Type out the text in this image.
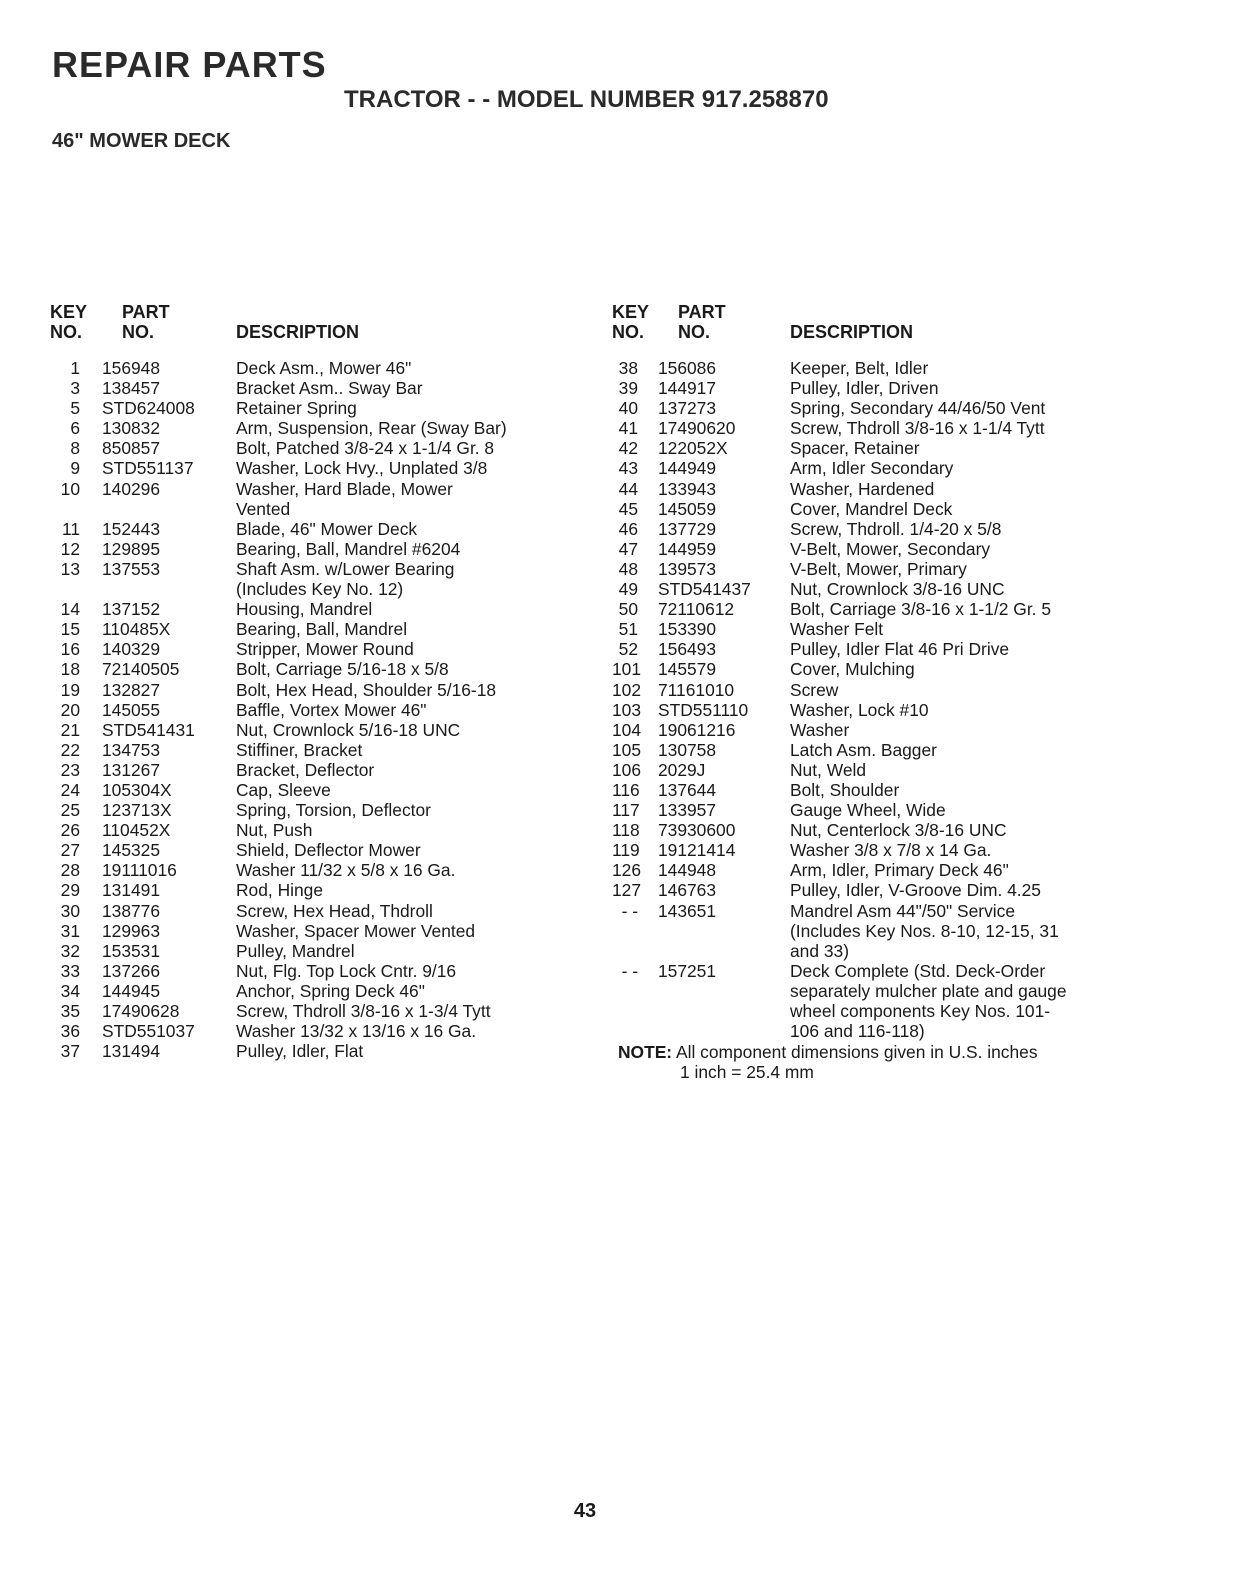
REPAIR PARTS
TRACTOR - - MODEL NUMBER 917.258870
46" MOWER DECK
KEY
NO.
PART
NO.	DESCRIPTION
1 156948	Deck Asm., Mower 46"
3 138457	Bracket Asm.. Sway Bar
5 STD624008 Retainer Spring
6 130832	Arm, Suspension, Rear (Sway Bar)
8 850857	Bolt, Patched 3/8-24 x 1-1/4 Gr. 8
9 STD551137 Washer, Lock Hvy., Unplated 3/8
10 140296	Washer, Hard Blade, Mower
Vented
11 152443	Blade, 46" Mower Deck
12 129895	Bearing, Ball, Mandrel #6204
13 137553	Shaft Asm. w/Lower Bearing
(Includes Key No. 12)
14 137152	Housing, Mandrel
15 110485X	Bearing, Ball, Mandrel
16 140329	Stripper, Mower Round
18 72140505	Bolt, Carriage 5/16-18 x 5/8
19 132827	Bolt, Hex Head, Shoulder 5/16-18
20 145055	Baffle, Vortex Mower 46"
21 STD541431 Nut, Crownlock 5/16-18 UNC
22 134753	Stiffiner, Bracket
23 131267	Bracket, Deflector
24 105304X	Cap, Sleeve
25 123713X	Spring, Torsion, Deflector
26 110452X	Nut, Push
27 145325	Shield, Deflector Mower
28 19111016	Washer 11/32 x 5/8 x 16 Ga.
29 131491	Rod, Hinge
30 138776	Screw, Hex Head, Thdroll
31 129963	Washer, Spacer Mower Vented
32 153531	Pulley, Mandrel
33 137266	Nut, Flg. Top Lock Cntr. 9/16
34 144945	Anchor, Spring Deck 46"
35 17490628	Screw, Thdroll 3/8-16 x 1-3/4 Tytt
36 STD551037 Washer 13/32 x 13/16 x 16 Ga.
37 131494	Pulley, Idler, Flat
KEY
NO.
PART
NO.	DESCRIPTION
38 156086	Keeper, Belt, Idler
39 144917	Pulley, Idler, Driven
40 137273	Spring, Secondary 44/46/50 Vent
41 17490620	Screw, Thdroll 3/8-16 x 1-1/4 Tytt
42 122052X	Spacer, Retainer
43 144949	Arm, Idler Secondary
44 133943	Washer, Hardened
45 145059	Cover, Mandrel Deck
46 137729	Screw, Thdroll. 1/4-20 x 5/8
47 144959	V-Belt, Mower, Secondary
48 139573	V-Belt, Mower, Primary
49 STD541437 Nut, Crownlock 3/8-16 UNC
50 72110612	Bolt, Carriage 3/8-16 x 1-1/2 Gr. 5
51 153390	Washer Felt
52 156493	Pulley, Idler Flat 46 Pri Drive
101 145579	Cover, Mulching
102 71161010	Screw
103 STD551110 Washer, Lock #10
104 19061216	Washer
105 130758	Latch Asm. Bagger
106 2029J	Nut, Weld
116 137644	Bolt, Shoulder
117 133957	Gauge Wheel, Wide
118 73930600	Nut, Centerlock 3/8-16 UNC
119 19121414	Washer 3/8 x 7/8 x 14 Ga.
126 144948	Arm, Idler, Primary Deck 46"
127 146763	Pulley, Idler, V-Groove Dim. 4.25
- - 143651	Mandrel Asm 44"/50" Service
(Includes Key Nos. 8-10, 12-15, 31
and 33)
- - 157251	Deck Complete (Std. Deck-Order
separately mulcher plate and gauge
wheel components Key Nos. 101-
106 and 116-118)
NOTE: All component dimensions given in U.S. inches
1 inch = 25.4 mm
43
